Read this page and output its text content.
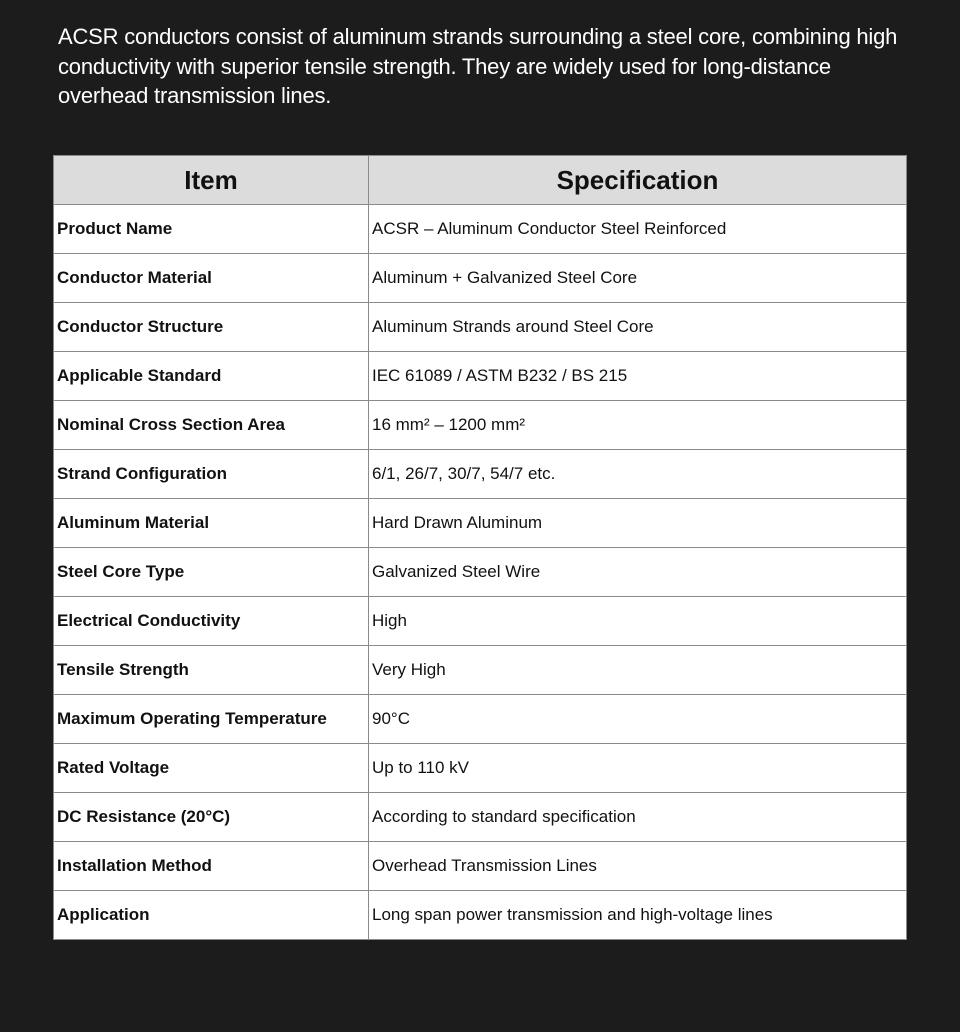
ACSR conductors consist of aluminum strands surrounding a steel core, combining high conductivity with superior tensile strength. They are widely used for long-distance overhead transmission lines.
Item	Specification
Product Name	ACSR – Aluminum Conductor Steel Reinforced
Conductor Material	Aluminum + Galvanized Steel Core
Conductor Structure	Aluminum Strands around Steel Core
Applicable Standard	IEC 61089 / ASTM B232 / BS 215
Nominal Cross Section Area	16 mm² – 1200 mm²
Strand Configuration	6/1, 26/7, 30/7, 54/7 etc.
Aluminum Material	Hard Drawn Aluminum
Steel Core Type	Galvanized Steel Wire
Electrical Conductivity	High
Tensile Strength	Very High
Maximum Operating Temperature	90°C
Rated Voltage	Up to 110 kV
DC Resistance (20°C)	According to standard specification
Installation Method	Overhead Transmission Lines
Application	Long span power transmission and high-voltage lines
